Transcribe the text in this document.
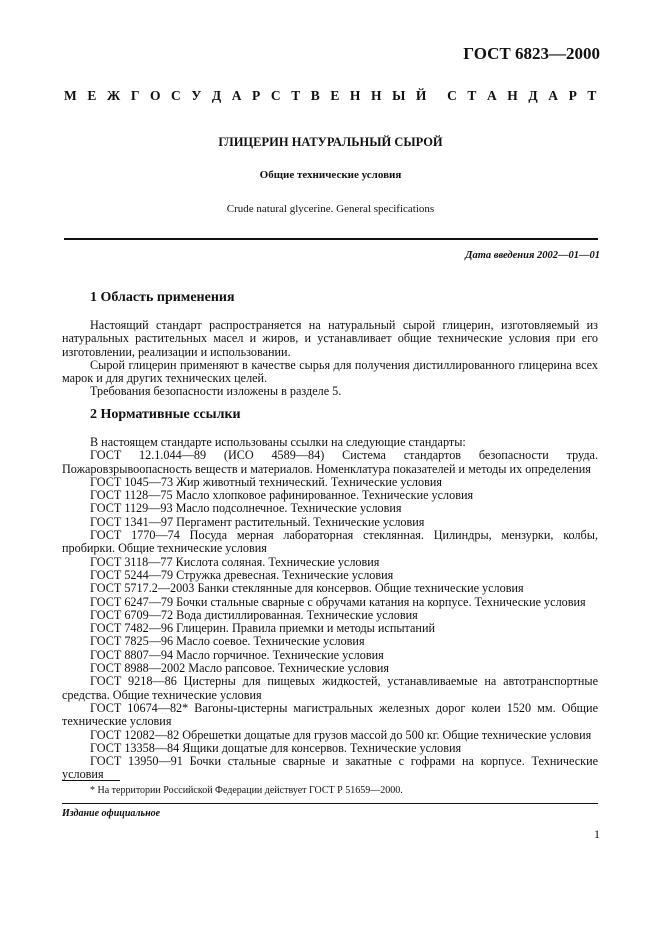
ГОСТ 6823—2000
М Е Ж Г О С У Д А Р С Т В Е Н Н Ы Й С Т А Н Д А Р Т
ГЛИЦЕРИН НАТУРАЛЬНЫЙ СЫРОЙ
Общие технические условия
Crude natural glycerine. General specifications
Дата введения 2002—01—01
1 Область применения

Настоящий стандарт распространяется на натуральный сырой глицерин, изготовляемый из натуральных растительных масел и жиров, и устанавливает общие технические условия при его изготовлении, реализации и использовании.

Сырой глицерин применяют в качестве сырья для получения дистиллированного глицерина всех марок и для других технических целей.

Требования безопасности изложены в разделе 5.

2 Нормативные ссылки

В настоящем стандарте использованы ссылки на следующие стандарты:

ГОСТ 12.1.044—89 (ИСО 4589—84) Система стандартов безопасности труда. Пожаровзрывоопасность веществ и материалов. Номенклатура показателей и методы их определения

ГОСТ 1045—73 Жир животный технический. Технические условия

ГОСТ 1128—75 Масло хлопковое рафинированное. Технические условия

ГОСТ 1129—93 Масло подсолнечное. Технические условия

ГОСТ 1341—97 Пергамент растительный. Технические условия

ГОСТ 1770—74 Посуда мерная лабораторная стеклянная. Цилиндры, мензурки, колбы, пробирки. Общие технические условия

ГОСТ 3118—77 Кислота соляная. Технические условия

ГОСТ 5244—79 Стружка древесная. Технические условия

ГОСТ 5717.2—2003 Банки стеклянные для консервов. Общие технические условия

ГОСТ 6247—79 Бочки стальные сварные с обручами катания на корпусе. Технические условия

ГОСТ 6709—72 Вода дистиллированная. Технические условия

ГОСТ 7482—96 Глицерин. Правила приемки и методы испытаний

ГОСТ 7825—96 Масло соевое. Технические условия

ГОСТ 8807—94 Масло горчичное. Технические условия

ГОСТ 8988—2002 Масло рапсовое. Технические условия

ГОСТ 9218—86 Цистерны для пищевых жидкостей, устанавливаемые на автотранспортные средства. Общие технические условия

ГОСТ 10674—82* Вагоны-цистерны магистральных железных дорог колеи 1520 мм. Общие технические условия

ГОСТ 12082—82 Обрешетки дощатые для грузов массой до 500 кг. Общие технические условия

ГОСТ 13358—84 Ящики дощатые для консервов. Технические условия

ГОСТ 13950—91 Бочки стальные сварные и закатные с гофрами на корпусе. Технические условия

* На территории Российской Федерации действует ГОСТ Р 51659—2000.
Издание официальное
1
